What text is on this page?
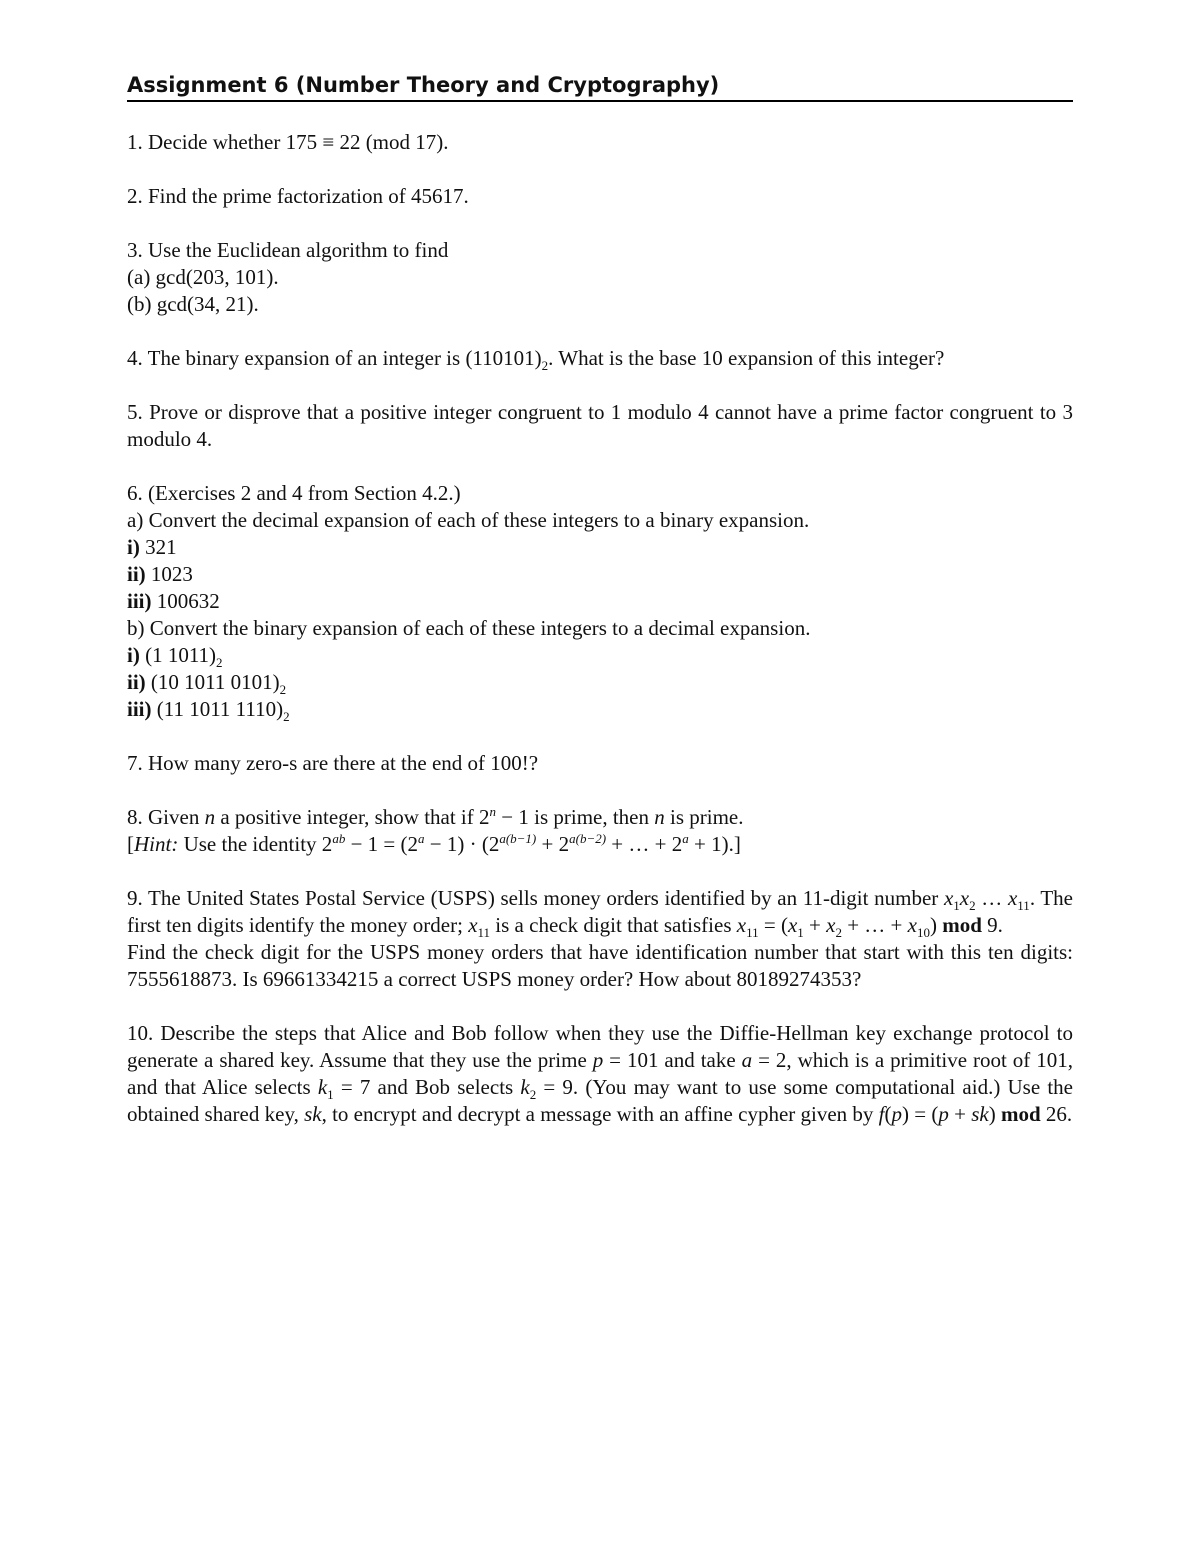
Assignment 6 (Number Theory and Cryptography)
1. Decide whether 175 ≡ 22 (mod 17).
2. Find the prime factorization of 45617.
3. Use the Euclidean algorithm to find
(a) gcd(203, 101).
(b) gcd(34, 21).
4. The binary expansion of an integer is $(110101)_2$. What is the base 10 expansion of this integer?
5. Prove or disprove that a positive integer congruent to 1 modulo 4 cannot have a prime factor congruent to 3 modulo 4.
6. (Exercises 2 and 4 from Section 4.2.)
a) Convert the decimal expansion of each of these integers to a binary expansion.
i) 321
ii) 1023
iii) 100632
b) Convert the binary expansion of each of these integers to a decimal expansion.
i) (1 $1011)_2$
ii) (10 1011 $0101)_2$
iii) (11 1011 $1110)_2$
7. How many zero-s are there at the end of 100!?
8. Given n a positive integer, show that if $2^n - 1$ is prime, then n is prime.
[Hint: Use the identity $2^{ab} - 1 = (2^a - 1) \cdot (2^{a(b-1)} + 2^{a(b-2)}$ + … + $2^a + 1$).]
9. The United States Postal Service (USPS) sells money orders identified by an 11-digit number $x_1x_2$ … $x_{11}$. The first ten digits identify the money order; $x_{11}$ is a check digit that satisfies $x_{11} = (x_1 + x_2$ + … + $x_{10}$) mod 9.
Find the check digit for the USPS money orders that have identification number that start with this ten digits: 7555618873. Is 69661334215 a correct USPS money order? How about 80189274353?
10. Describe the steps that Alice and Bob follow when they use the Diffie-Hellman key exchange protocol to generate a shared key. Assume that they use the prime p = 101 and take a = 2, which is a primitive root of 101, and that Alice selects $k_1 = 7$ and Bob selects $k_2 = 9$. (You may want to use some computational aid.) Use the obtained shared key, sk, to encrypt and decrypt a message with an affine cypher given by f(p) = (p + sk) mod 26.
